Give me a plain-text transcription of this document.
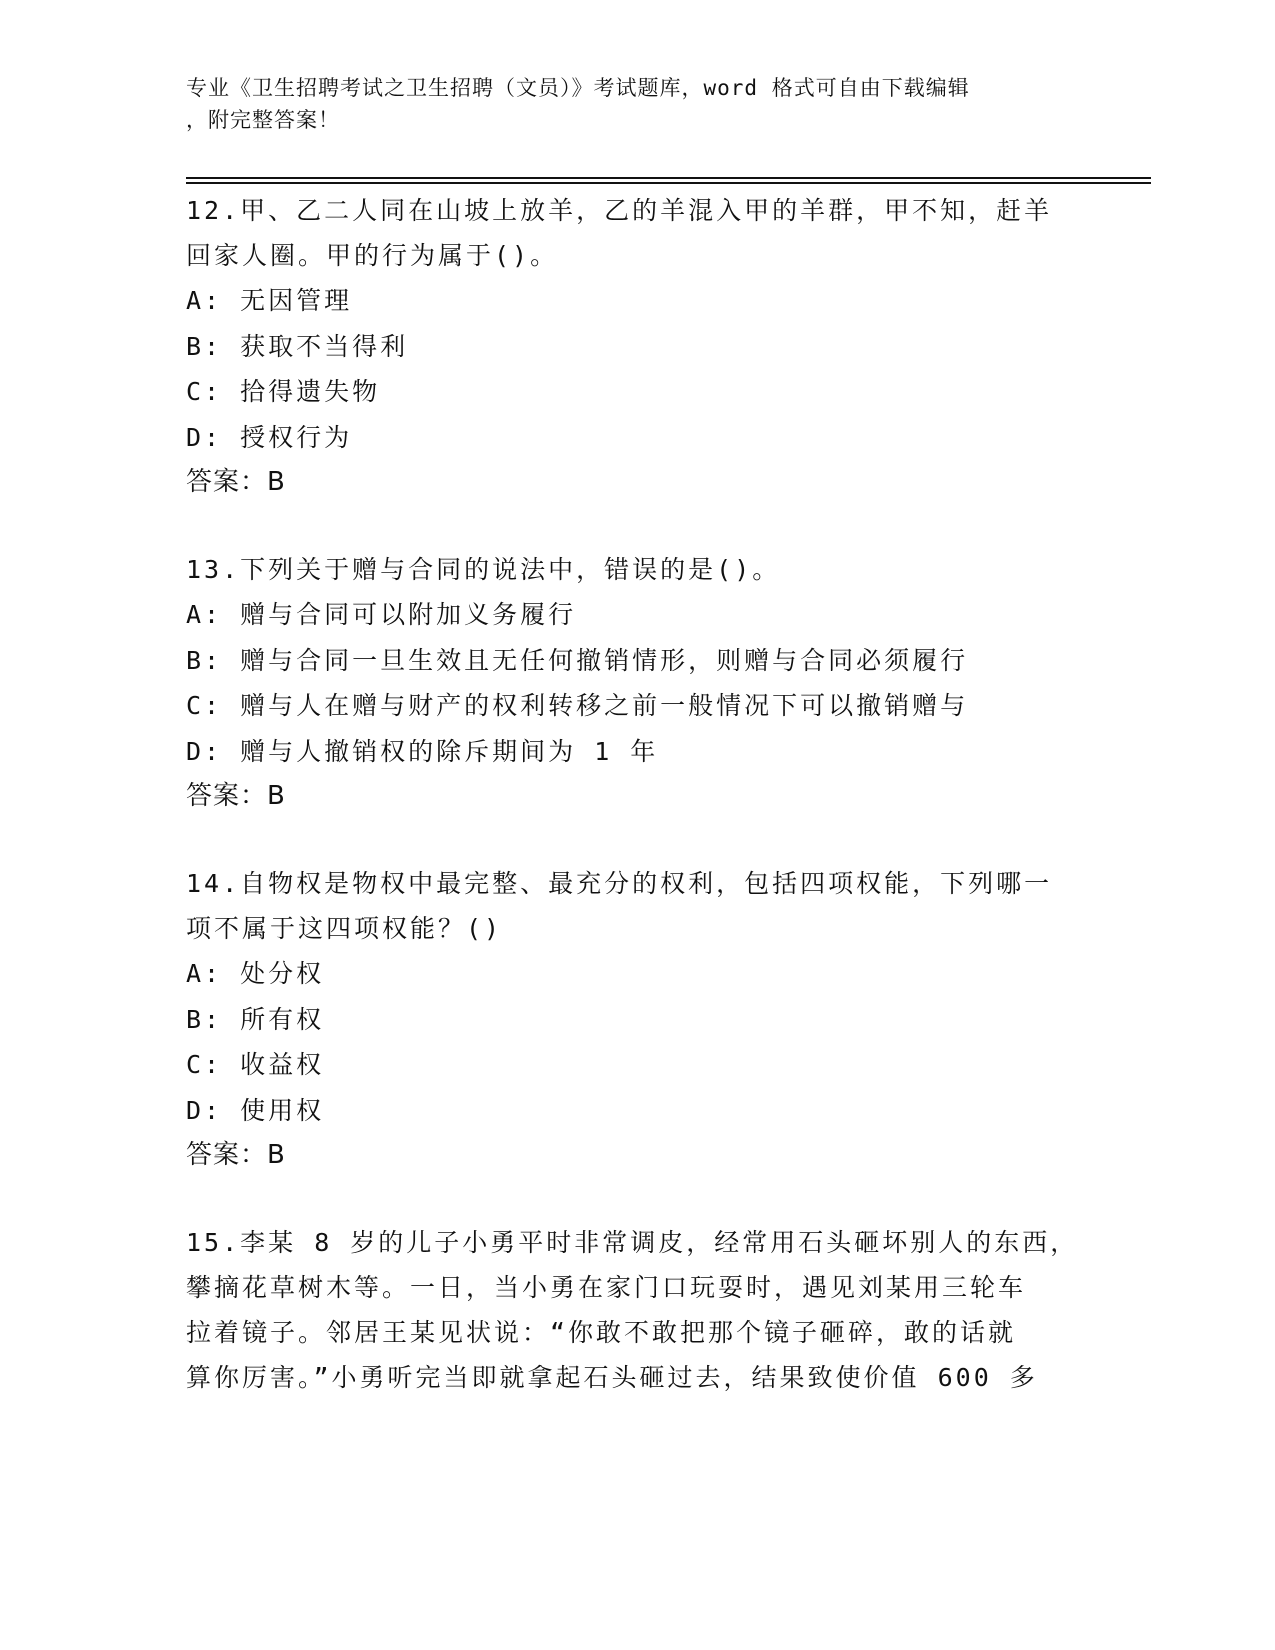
专业《卫生招聘考试之卫生招聘（文员）》考试题库，word 格式可自由下载编辑
，附完整答案！
12.甲、乙二人同在山坡上放羊，乙的羊混入甲的羊群，甲不知，赶羊
回家人圈。甲的行为属于()。
A: 无因管理
B: 获取不当得利
C: 拾得遗失物
D: 授权行为
答案：B
13.下列关于赠与合同的说法中，错误的是()。
A: 赠与合同可以附加义务履行
B: 赠与合同一旦生效且无任何撤销情形，则赠与合同必须履行
C: 赠与人在赠与财产的权利转移之前一般情况下可以撤销赠与
D: 赠与人撤销权的除斥期间为 1 年
答案：B
14.自物权是物权中最完整、最充分的权利，包括四项权能，下列哪一
项不属于这四项权能？()
A: 处分权
B: 所有权
C: 收益权
D: 使用权
答案：B
15.李某 8 岁的儿子小勇平时非常调皮，经常用石头砸坏别人的东西，
攀摘花草树木等。一日，当小勇在家门口玩耍时，遇见刘某用三轮车
拉着镜子。邻居王某见状说：“你敢不敢把那个镜子砸碎，敢的话就
算你厉害。”小勇听完当即就拿起石头砸过去，结果致使价值 600 多
